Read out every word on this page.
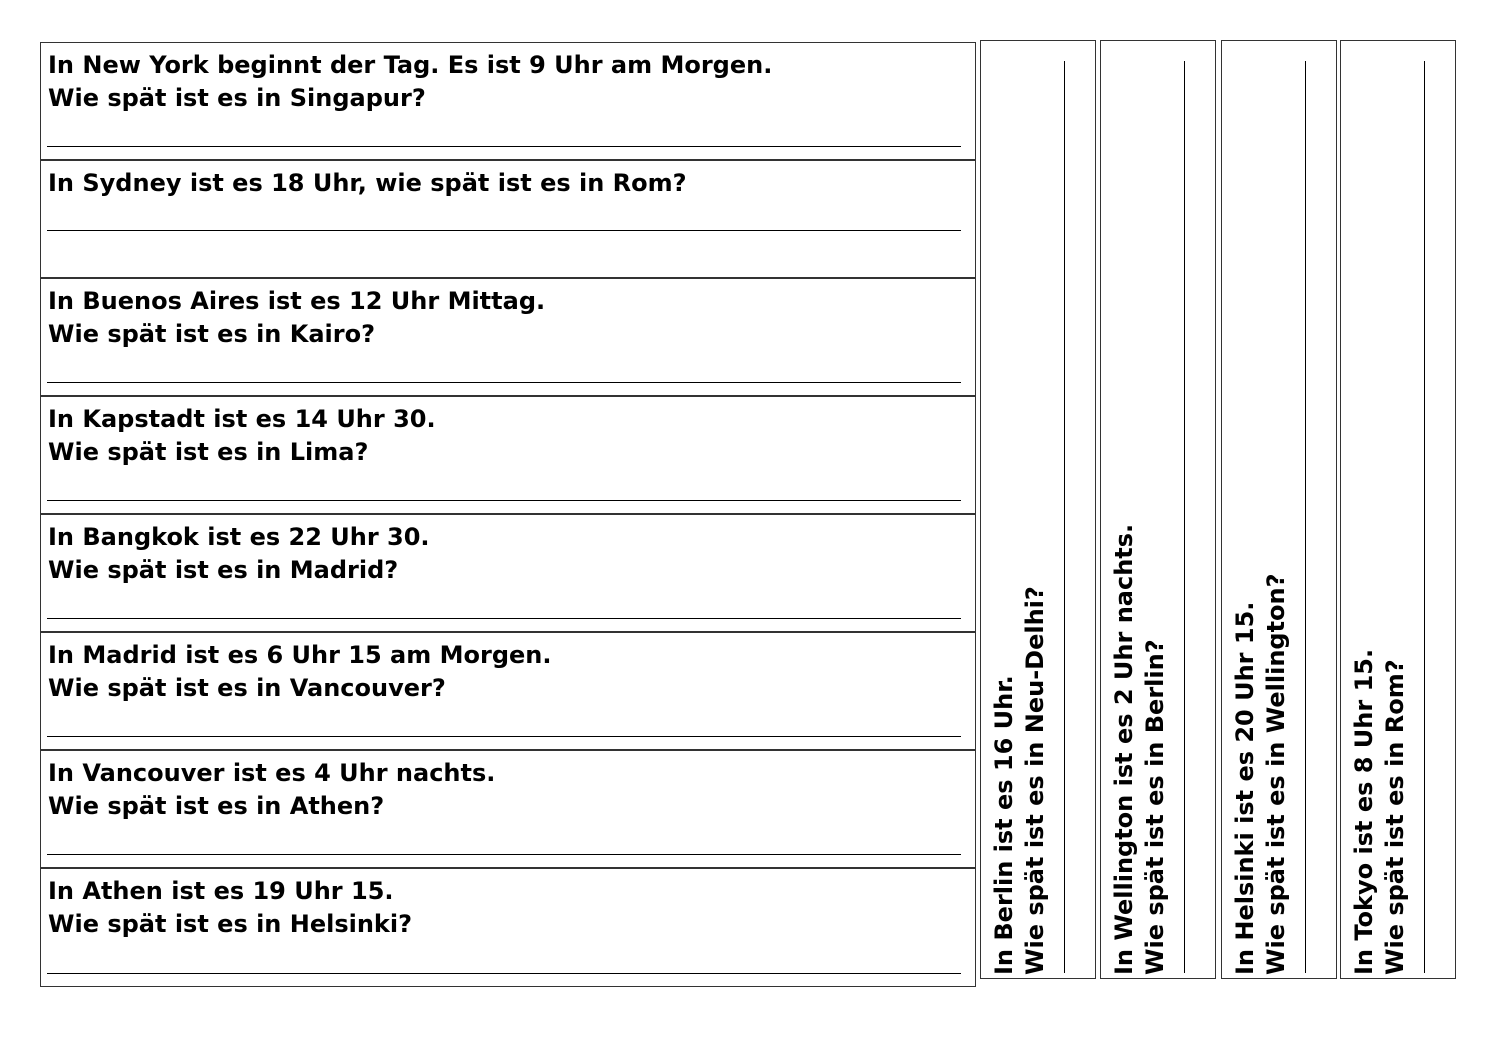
In New York beginnt der Tag. Es ist 9 Uhr am Morgen.
Wie spät ist es in Singapur?
In Sydney ist es 18 Uhr, wie spät ist es in Rom?
In Buenos Aires ist es 12 Uhr Mittag.
Wie spät ist es in Kairo?
In Kapstadt ist es 14 Uhr 30.
Wie spät ist es in Lima?
In Bangkok ist es 22 Uhr 30.
Wie spät ist es in Madrid?
In Madrid ist es 6 Uhr 15 am Morgen.
Wie spät ist es in Vancouver?
In Vancouver ist es 4 Uhr nachts.
Wie spät ist es in Athen?
In Athen ist es 19 Uhr 15.
Wie spät ist es in Helsinki?	In Berlin ist es 16 Uhr. Wie spät ist es in Neu-Delhi?	In Wellington ist es 2 Uhr nachts. Wie spät ist es in Berlin?	In Helsinki ist es 20 Uhr 15. Wie spät ist es in Wellington?	In Tokyo ist es 8 Uhr 15. Wie spät ist es in Rom?
